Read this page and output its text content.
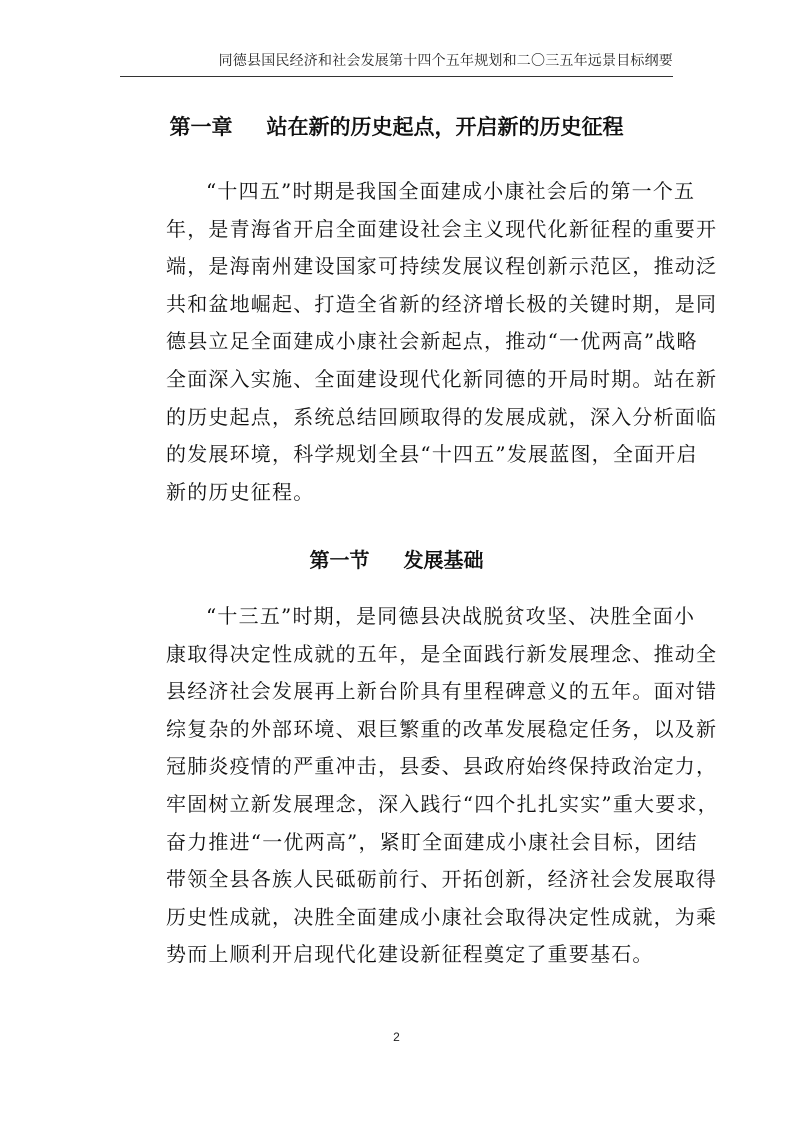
同德县国民经济和社会发展第十四个五年规划和二〇三五年远景目标纲要
第一章 站在新的历史起点，开启新的历史征程
“十四五”时期是我国全面建成小康社会后的第一个五
年，是青海省开启全面建设社会主义现代化新征程的重要开
端，是海南州建设国家可持续发展议程创新示范区，推动泛
共和盆地崛起、打造全省新的经济增长极的关键时期，是同
德县立足全面建成小康社会新起点，推动“一优两高”战略
全面深入实施、全面建设现代化新同德的开局时期。站在新
的历史起点，系统总结回顾取得的发展成就，深入分析面临
的发展环境，科学规划全县“十四五”发展蓝图，全面开启
新的历史征程。
第一节 发展基础
“十三五”时期，是同德县决战脱贫攻坚、决胜全面小
康取得决定性成就的五年，是全面践行新发展理念、推动全
县经济社会发展再上新台阶具有里程碑意义的五年。面对错
综复杂的外部环境、艰巨繁重的改革发展稳定任务，以及新
冠肺炎疫情的严重冲击，县委、县政府始终保持政治定力，
牢固树立新发展理念，深入践行“四个扎扎实实”重大要求，
奋力推进“一优两高”，紧盯全面建成小康社会目标，团结
带领全县各族人民砥砺前行、开拓创新，经济社会发展取得
历史性成就，决胜全面建成小康社会取得决定性成就，为乘
势而上顺利开启现代化建设新征程奠定了重要基石。
2
